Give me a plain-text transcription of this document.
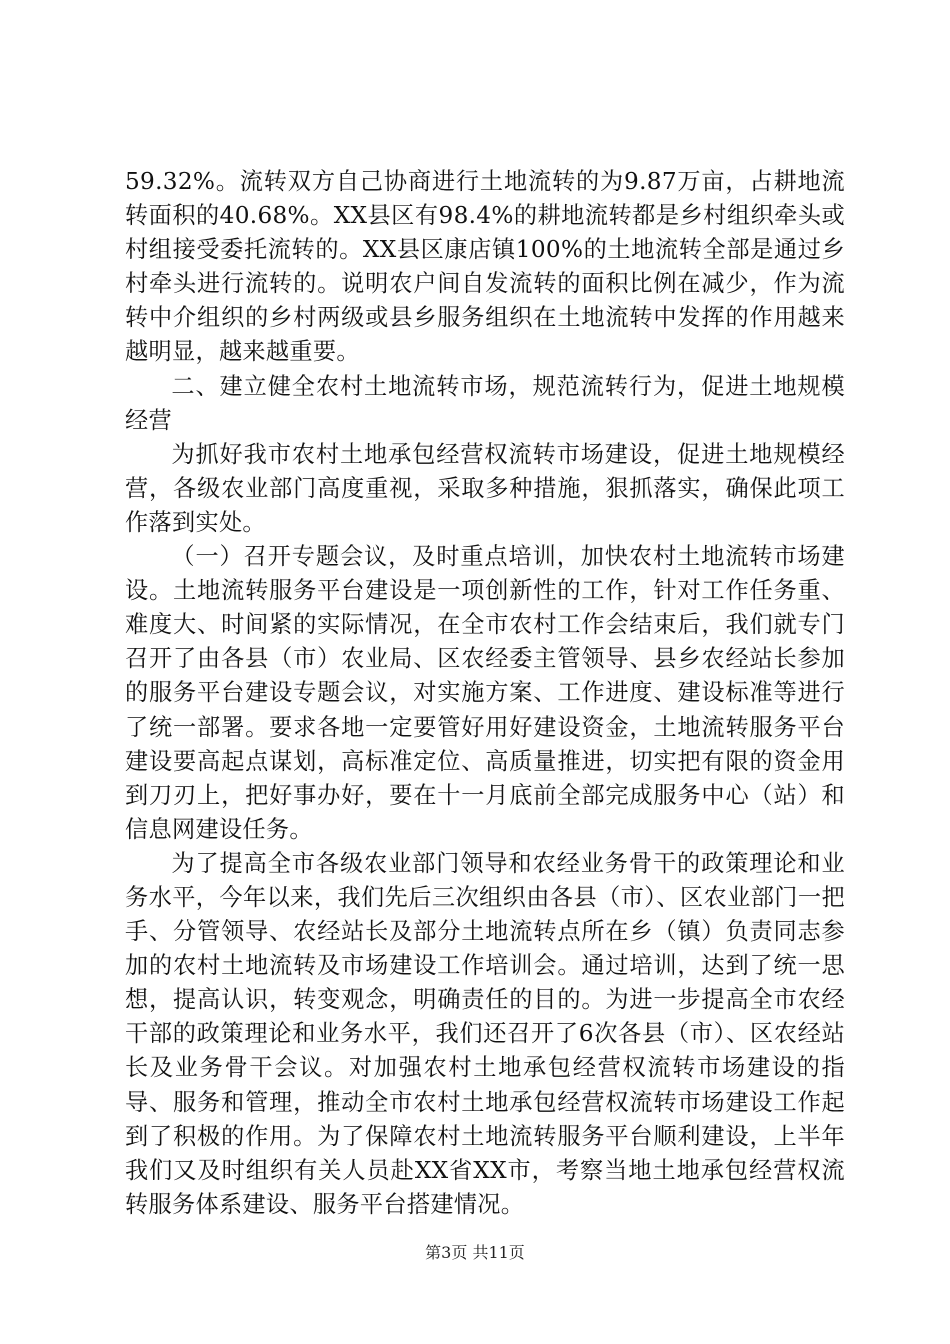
59.32%。流转双方自己协商进行土地流转的为9.87万亩，占耕地流转面积的40.68%。XX县区有98.4%的耕地流转都是乡村组织牵头或村组接受委托流转的。XX县区康店镇100%的土地流转全部是通过乡村牵头进行流转的。说明农户间自发流转的面积比例在减少，作为流转中介组织的乡村两级或县乡服务组织在土地流转中发挥的作用越来越明显，越来越重要。

二、建立健全农村土地流转市场，规范流转行为，促进土地规模经营

为抓好我市农村土地承包经营权流转市场建设，促进土地规模经营，各级农业部门高度重视，采取多种措施，狠抓落实，确保此项工作落到实处。

（一）召开专题会议，及时重点培训，加快农村土地流转市场建设。土地流转服务平台建设是一项创新性的工作，针对工作任务重、难度大、时间紧的实际情况，在全市农村工作会结束后，我们就专门召开了由各县（市）农业局、区农经委主管领导、县乡农经站长参加的服务平台建设专题会议，对实施方案、工作进度、建设标准等进行了统一部署。要求各地一定要管好用好建设资金，土地流转服务平台建设要高起点谋划，高标准定位、高质量推进，切实把有限的资金用到刀刃上，把好事办好，要在十一月底前全部完成服务中心（站）和信息网建设任务。

为了提高全市各级农业部门领导和农经业务骨干的政策理论和业务水平，今年以来，我们先后三次组织由各县（市）、区农业部门一把手、分管领导、农经站长及部分土地流转点所在乡（镇）负责同志参加的农村土地流转及市场建设工作培训会。通过培训，达到了统一思想，提高认识，转变观念，明确责任的目的。为进一步提高全市农经干部的政策理论和业务水平，我们还召开了6次各县（市）、区农经站长及业务骨干会议。对加强农村土地承包经营权流转市场建设的指导、服务和管理，推动全市农村土地承包经营权流转市场建设工作起到了积极的作用。为了保障农村土地流转服务平台顺利建设，上半年我们又及时组织有关人员赴XX省XX市，考察当地土地承包经营权流转服务体系建设、服务平台搭建情况。

第3页 共11页
